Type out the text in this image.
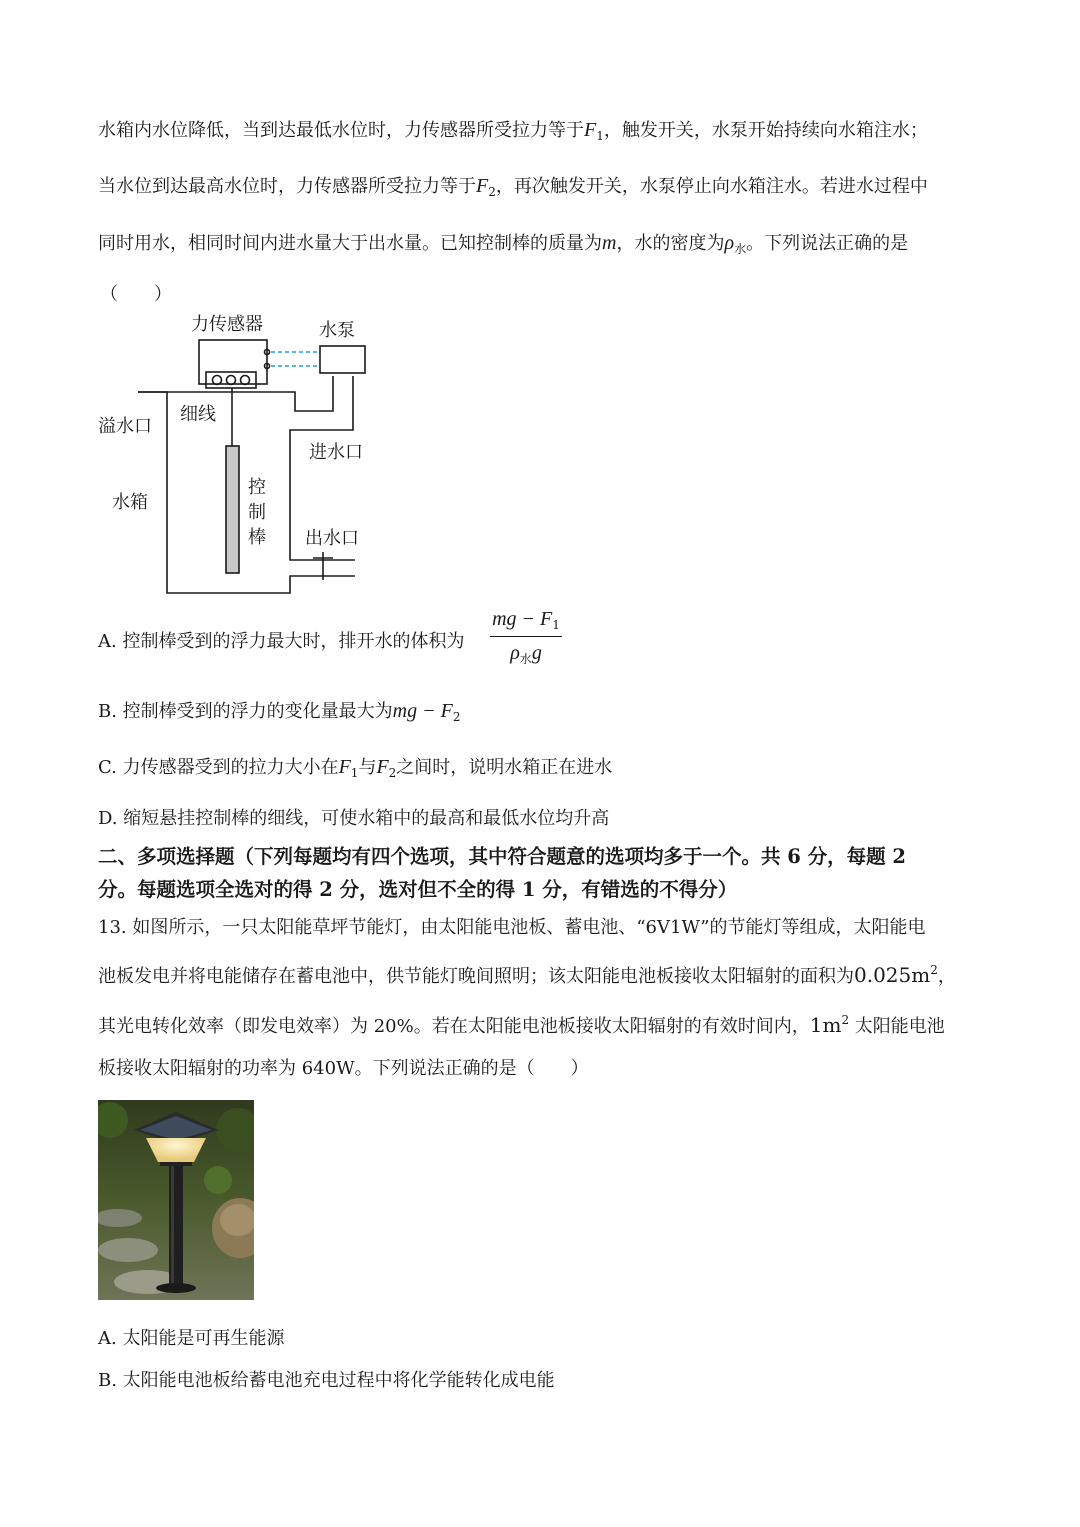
水箱内水位降低，当到达最低水位时，力传感器所受拉力等于$F_1$，触发开关，水泵开始持续向水箱注水；
当水位到达最高水位时，力传感器所受拉力等于$F_2$，再次触发开关，水泵停止向水箱注水。若进水过程中
同时用水，相同时间内进水量大于出水量。已知控制棒的质量为m，水的密度为$\rho_水$。下列说法正确的是
（　　）
力传感器	水泵
溢水口
细线
进水口
水箱
控
制
棒 出水口
A. 控制棒受到的浮力最大时，排开水的体积为
mg − $F_1$
$\rho_水g$
B. 控制棒受到的浮力的变化量最大为mg − $F_2$
C. 力传感器受到的拉力大小在$F_1$与$F_2$之间时，说明水箱正在进水
D. 缩短悬挂控制棒的细线，可使水箱中的最高和最低水位均升高
二、多项选择题（下列每题均有四个选项，其中符合题意的选项均多于一个。共 6 分，每题 2
分。每题选项全选对的得 2 分，选对但不全的得 1 分，有错选的不得分）
13. 如图所示，一只太阳能草坪节能灯，由太阳能电池板、蓄电池、“6V1W”的节能灯等组成，太阳能电
池板发电并将电能储存在蓄电池中，供节能灯晚间照明；该太阳能电池板接收太阳辐射的面积为$0.025m^2$，
其光电转化效率（即发电效率）为 20%。若在太阳能电池板接收太阳辐射的有效时间内，$1m^2$ 太阳能电池
板接收太阳辐射的功率为 640W。下列说法正确的是（　　）
A. 太阳能是可再生能源
B. 太阳能电池板给蓄电池充电过程中将化学能转化成电能
